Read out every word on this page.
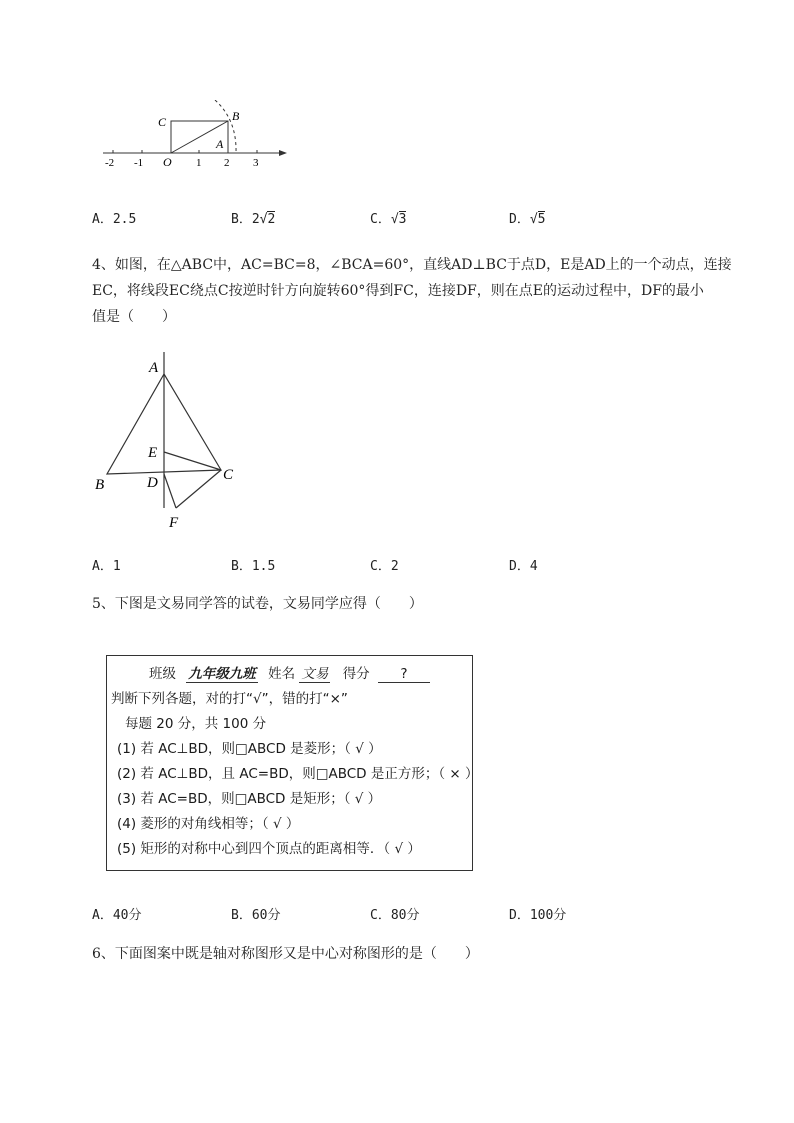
-2 -1 O 1 2 3
C	B
A
A．2.5	B．2√2	C．√3	D．√5
4、如图，在△ABC中，AC=BC=8，∠BCA=60°，直线AD⊥BC于点D，E是AD上的一个动点，连接
EC，将线段EC绕点C按逆时针方向旋转60°得到FC，连接DF，则在点E的运动过程中，DF的最小
值是（　　）
A
E
B	D	C
F
A．1	B．1.5	C．2	D．4
5、下图是文易同学答的试卷，文易同学应得（　　）
班级 九年级九班 姓名 文易 得分 ?
判断下列各题，对的打“√”，错的打“×”
每题 20 分，共 100 分
(1) 若 AC⊥BD，则□ABCD 是菱形；（ √ ）
(2) 若 AC⊥BD，且 AC=BD，则□ABCD 是正方形；（ × ）
(3) 若 AC=BD，则□ABCD 是矩形；（ √ ）
(4) 菱形的对角线相等；（ √ ）
(5) 矩形的对称中心到四个顶点的距离相等．（ √ ）
A．40分	B．60分	C．80分	D．100分
6、下面图案中既是轴对称图形又是中心对称图形的是（　　）
